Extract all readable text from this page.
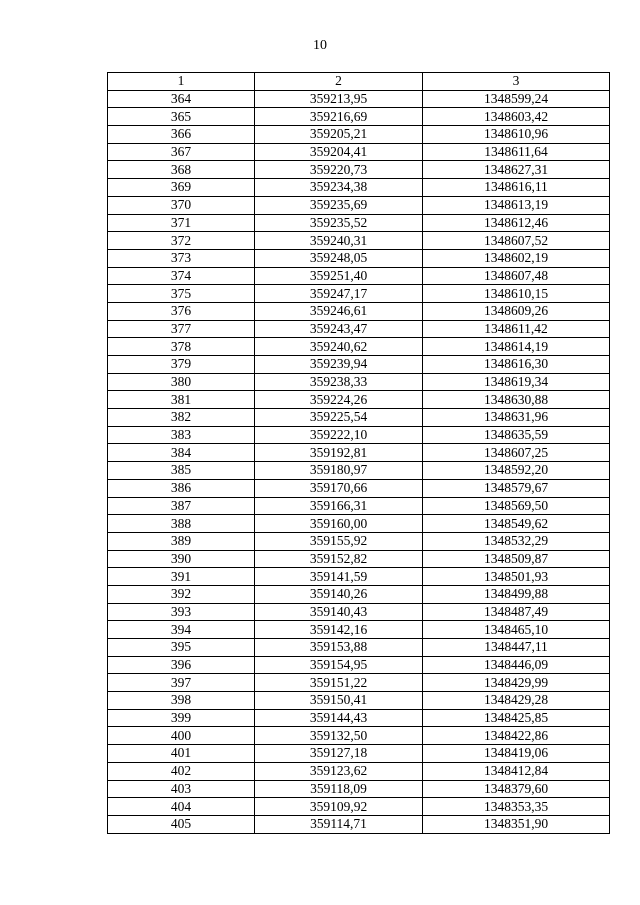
10
1	2	3
364	359213,95	1348599,24
365	359216,69	1348603,42
366	359205,21	1348610,96
367	359204,41	1348611,64
368	359220,73	1348627,31
369	359234,38	1348616,11
370	359235,69	1348613,19
371	359235,52	1348612,46
372	359240,31	1348607,52
373	359248,05	1348602,19
374	359251,40	1348607,48
375	359247,17	1348610,15
376	359246,61	1348609,26
377	359243,47	1348611,42
378	359240,62	1348614,19
379	359239,94	1348616,30
380	359238,33	1348619,34
381	359224,26	1348630,88
382	359225,54	1348631,96
383	359222,10	1348635,59
384	359192,81	1348607,25
385	359180,97	1348592,20
386	359170,66	1348579,67
387	359166,31	1348569,50
388	359160,00	1348549,62
389	359155,92	1348532,29
390	359152,82	1348509,87
391	359141,59	1348501,93
392	359140,26	1348499,88
393	359140,43	1348487,49
394	359142,16	1348465,10
395	359153,88	1348447,11
396	359154,95	1348446,09
397	359151,22	1348429,99
398	359150,41	1348429,28
399	359144,43	1348425,85
400	359132,50	1348422,86
401	359127,18	1348419,06
402	359123,62	1348412,84
403	359118,09	1348379,60
404	359109,92	1348353,35
405	359114,71	1348351,90
